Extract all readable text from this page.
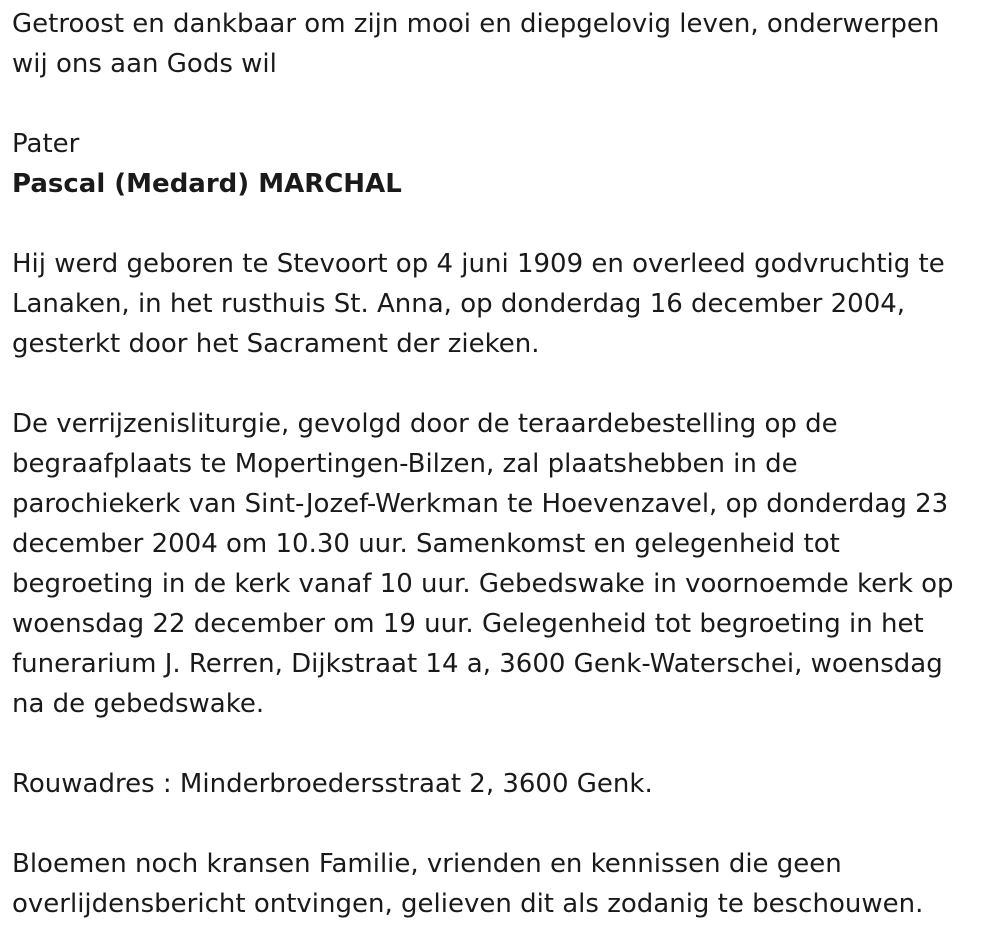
Getroost en dankbaar om zijn mooi en diepgelovig leven, onderwerpen

wij ons aan Gods wil

Pater

Pascal (Medard) MARCHAL

Hij werd geboren te Stevoort op 4 juni 1909 en overleed godvruchtig te

Lanaken, in het rusthuis St. Anna, op donderdag 16 december 2004,

gesterkt door het Sacrament der zieken.

De verrijzenisliturgie, gevolgd door de teraardebestelling op de

begraafplaats te Mopertingen-Bilzen, zal plaatshebben in de

parochiekerk van Sint-Jozef-Werkman te Hoevenzavel, op donderdag 23

december 2004 om 10.30 uur. Samenkomst en gelegenheid tot

begroeting in de kerk vanaf 10 uur. Gebedswake in voornoemde kerk op

woensdag 22 december om 19 uur. Gelegenheid tot begroeting in het

funerarium J. Rerren, Dijkstraat 14 a, 3600 Genk-Waterschei, woensdag

na de gebedswake.

Rouwadres : Minderbroedersstraat 2, 3600 Genk.

Bloemen noch kransen Familie, vrienden en kennissen die geen

overlijdensbericht ontvingen, gelieven dit als zodanig te beschouwen.
